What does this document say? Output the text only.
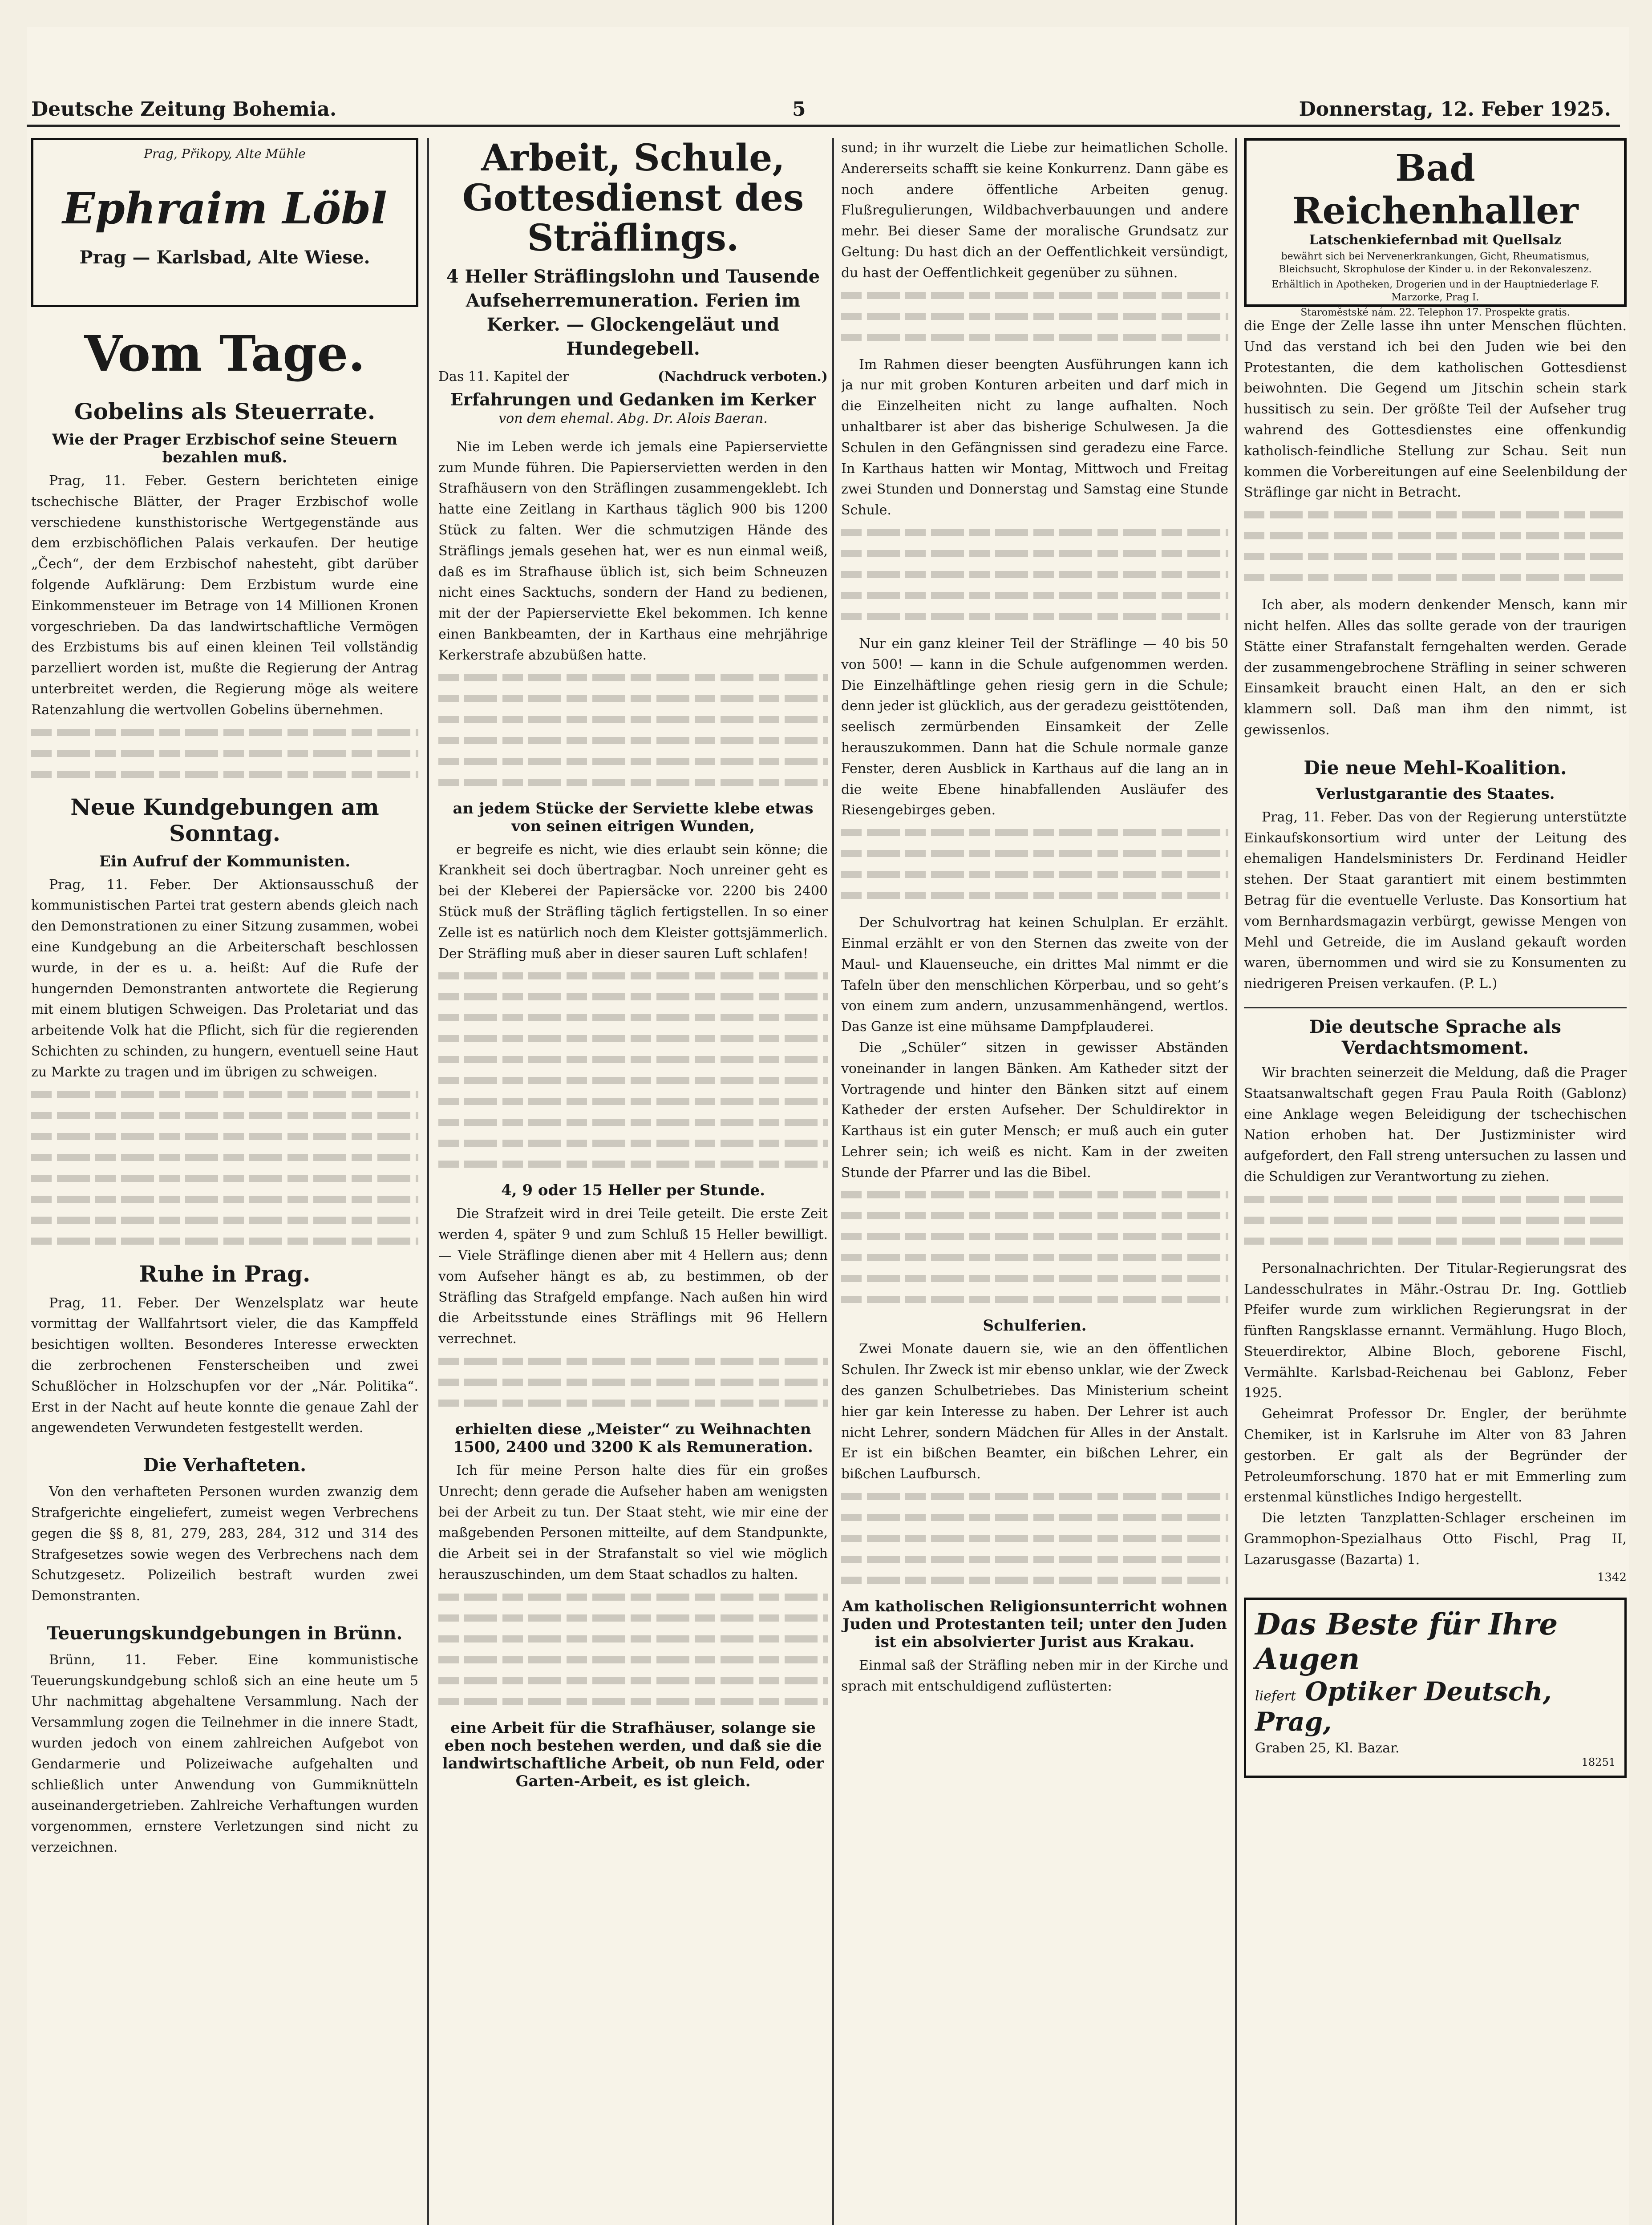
Deutsche Zeitung Bohemia.	5	Donnerstag, 12. Feber 1925.
Prag, Přikopy, Alte Mühle
Ephraim Löbl
Prag — Karlsbad, Alte Wiese.
Vom Tage.
Gobelins als Steuerrate.
Wie der Prager Erzbischof seine Steuern bezahlen muß.

Prag, 11. Feber. Gestern berichteten einige tschechische Blätter, der Prager Erzbischof wolle verschiedene kunsthistorische Wertgegenstände aus dem erzbischöflichen Palais verkaufen. Der heutige „Čech“, der dem Erzbischof nahesteht, gibt darüber folgende Aufklärung: Dem Erzbistum wurde eine Einkommensteuer im Betrage von 14 Millionen Kronen vorgeschrieben. Da das landwirtschaftliche Vermögen des Erzbistums bis auf einen kleinen Teil vollständig parzelliert worden ist, mußte die Regierung der Antrag unterbreitet werden, die Regierung möge als weitere Ratenzahlung die wertvollen Gobelins übernehmen.

Neue Kundgebungen am Sonntag.
Ein Aufruf der Kommunisten.

Prag, 11. Feber. Der Aktionsausschuß der kommunistischen Partei trat gestern abends gleich nach den Demonstrationen zu einer Sitzung zusammen, wobei eine Kundgebung an die Arbeiterschaft beschlossen wurde, in der es u. a. heißt: Auf die Rufe der hungernden Demonstranten antwortete die Regierung mit einem blutigen Schweigen. Das Proletariat und das arbeitende Volk hat die Pflicht, sich für die regierenden Schichten zu schinden, zu hungern, eventuell seine Haut zu Markte zu tragen und im übrigen zu schweigen.

Ruhe in Prag.

Prag, 11. Feber. Der Wenzelsplatz war heute vormittag der Wallfahrtsort vieler, die das Kampffeld besichtigen wollten. Besonderes Interesse erweckten die zerbrochenen Fensterscheiben und zwei Schußlöcher in Holzschupfen vor der „Nár. Politika“. Erst in der Nacht auf heute konnte die genaue Zahl der angewendeten Verwundeten festgestellt werden.

Die Verhafteten.

Von den verhafteten Personen wurden zwanzig dem Strafgerichte eingeliefert, zumeist wegen Verbrechens gegen die §§ 8, 81, 279, 283, 284, 312 und 314 des Strafgesetzes sowie wegen des Verbrechens nach dem Schutzgesetz. Polizeilich bestraft wurden zwei Demonstranten.

Teuerungskundgebungen in Brünn.

Brünn, 11. Feber. Eine kommunistische Teuerungskundgebung schloß sich an eine heute um 5 Uhr nachmittag abgehaltene Versammlung. Nach der Versammlung zogen die Teilnehmer in die innere Stadt, wurden jedoch von einem zahlreichen Aufgebot von Gendarmerie und Polizeiwache aufgehalten und schließlich unter Anwendung von Gummiknütteln auseinandergetrieben. Zahlreiche Verhaftungen wurden vorgenommen, ernstere Verletzungen sind nicht zu verzeichnen.

Arbeit, Schule, Gottesdienst des Sträflings.
4 Heller Sträflingslohn und Tausende Aufseherremuneration. Ferien im Kerker. — Glockengeläut und Hundegebell.
Das 11. Kapitel der	(Nachdruck verboten.)
Erfahrungen und Gedanken im Kerker
von dem ehemal. Abg. Dr. Alois Baeran.

Nie im Leben werde ich jemals eine Papierserviette zum Munde führen. Die Papierservietten werden in den Strafhäusern von den Sträflingen zusammengeklebt. Ich hatte eine Zeitlang in Karthaus täglich 900 bis 1200 Stück zu falten. Wer die schmutzigen Hände des Sträflings jemals gesehen hat, wer es nun einmal weiß, daß es im Strafhause üblich ist, sich beim Schneuzen nicht eines Sacktuchs, sondern der Hand zu bedienen, mit der der Papierserviette Ekel bekommen. Ich kenne einen Bankbeamten, der in Karthaus eine mehrjährige Kerkerstrafe abzubüßen hatte.

an jedem Stücke der Serviette klebe etwas von seinen eitrigen Wunden,

er begreife es nicht, wie dies erlaubt sein könne; die Krankheit sei doch übertragbar. Noch unreiner geht es bei der Kleberei der Papiersäcke vor. 2200 bis 2400 Stück muß der Sträfling täglich fertigstellen. In so einer Zelle ist es natürlich noch dem Kleister gottsjämmerlich. Der Sträfling muß aber in dieser sauren Luft schlafen!

4, 9 oder 15 Heller per Stunde.

Die Strafzeit wird in drei Teile geteilt. Die erste Zeit werden 4, später 9 und zum Schluß 15 Heller bewilligt. — Viele Sträflinge dienen aber mit 4 Hellern aus; denn vom Aufseher hängt es ab, zu bestimmen, ob der Sträfling das Strafgeld empfange. Nach außen hin wird die Arbeitsstunde eines Sträflings mit 96 Hellern verrechnet.

erhielten diese „Meister“ zu Weihnachten 1500, 2400 und 3200 K als Remuneration.

Ich für meine Person halte dies für ein großes Unrecht; denn gerade die Aufseher haben am wenigsten bei der Arbeit zu tun. Der Staat steht, wie mir eine der maßgebenden Personen mitteilte, auf dem Standpunkte, die Arbeit sei in der Strafanstalt so viel wie möglich herauszuschinden, um dem Staat schadlos zu halten.

eine Arbeit für die Strafhäuser, solange sie eben noch bestehen werden, und daß sie die landwirtschaftliche Arbeit, ob nun Feld, oder Garten-Arbeit, es ist gleich.

sund; in ihr wurzelt die Liebe zur heimatlichen Scholle. Andererseits schafft sie keine Konkurrenz. Dann gäbe es noch andere öffentliche Arbeiten genug. Flußregulierungen, Wildbachverbauungen und andere mehr. Bei dieser Same der moralische Grundsatz zur Geltung: Du hast dich an der Oeffentlichkeit versündigt, du hast der Oeffentlichkeit gegenüber zu sühnen.

Im Rahmen dieser beengten Ausführungen kann ich ja nur mit groben Konturen arbeiten und darf mich in die Einzelheiten nicht zu lange aufhalten. Noch unhaltbarer ist aber das bisherige Schulwesen. Ja die Schulen in den Gefängnissen sind geradezu eine Farce. In Karthaus hatten wir Montag, Mittwoch und Freitag zwei Stunden und Donnerstag und Samstag eine Stunde Schule.

Nur ein ganz kleiner Teil der Sträflinge — 40 bis 50 von 500! — kann in die Schule aufgenommen werden. Die Einzelhäftlinge gehen riesig gern in die Schule; denn jeder ist glücklich, aus der geradezu geisttötenden, seelisch zermürbenden Einsamkeit der Zelle herauszukommen. Dann hat die Schule normale ganze Fenster, deren Ausblick in Karthaus auf die lang an in die weite Ebene hinabfallenden Ausläufer des Riesengebirges geben.

Der Schulvortrag hat keinen Schulplan. Er erzählt. Einmal erzählt er von den Sternen das zweite von der Maul- und Klauenseuche, ein drittes Mal nimmt er die Tafeln über den menschlichen Körperbau, und so geht’s von einem zum andern, unzusammenhängend, wertlos. Das Ganze ist eine mühsame Dampfplauderei.

Die „Schüler“ sitzen in gewisser Abständen voneinander in langen Bänken. Am Katheder sitzt der Vortragende und hinter den Bänken sitzt auf einem Katheder der ersten Aufseher. Der Schuldirektor in Karthaus ist ein guter Mensch; er muß auch ein guter Lehrer sein; ich weiß es nicht. Kam in der zweiten Stunde der Pfarrer und las die Bibel.

Schulferien.

Zwei Monate dauern sie, wie an den öffentlichen Schulen. Ihr Zweck ist mir ebenso unklar, wie der Zweck des ganzen Schulbetriebes. Das Ministerium scheint hier gar kein Interesse zu haben. Der Lehrer ist auch nicht Lehrer, sondern Mädchen für Alles in der Anstalt. Er ist ein bißchen Beamter, ein bißchen Lehrer, ein bißchen Laufbursch.

Am katholischen Religionsunterricht wohnen Juden und Protestanten teil; unter den Juden ist ein absolvierter Jurist aus Krakau.

Einmal saß der Sträfling neben mir in der Kirche und sprach mit entschuldigend zuflüsterten:

Bad Reichenhaller
Latschenkiefernbad mit Quellsalz

bewährt sich bei Nervenerkrankungen, Gicht, Rheumatismus, Bleichsucht, Skrophulose der Kinder u. in der Rekonvaleszenz.

Erhältlich in Apotheken, Drogerien und in der Hauptniederlage F. Marzorke, Prag I.

Staroměstské nám. 22. Telephon 17. Prospekte gratis.

die Enge der Zelle lasse ihn unter Menschen flüchten. Und das verstand ich bei den Juden wie bei den Protestanten, die dem katholischen Gottesdienst beiwohnten. Die Gegend um Jitschin schein stark hussitisch zu sein. Der größte Teil der Aufseher trug wahrend des Gottesdienstes eine offenkundig katholisch-feindliche Stellung zur Schau. Seit nun kommen die Vorbereitungen auf eine Seelenbildung der Sträflinge gar nicht in Betracht.

Ich aber, als modern denkender Mensch, kann mir nicht helfen. Alles das sollte gerade von der traurigen Stätte einer Strafanstalt ferngehalten werden. Gerade der zusammengebrochene Sträfling in seiner schweren Einsamkeit braucht einen Halt, an den er sich klammern soll. Daß man ihm den nimmt, ist gewissenlos.

Die neue Mehl-Koalition.
Verlustgarantie des Staates.

Prag, 11. Feber. Das von der Regierung unterstützte Einkaufskonsortium wird unter der Leitung des ehemaligen Handelsministers Dr. Ferdinand Heidler stehen. Der Staat garantiert mit einem bestimmten Betrag für die eventuelle Verluste. Das Konsortium hat vom Bernhardsmagazin verbürgt, gewisse Mengen von Mehl und Getreide, die im Ausland gekauft worden waren, übernommen und wird sie zu Konsumenten zu niedrigeren Preisen verkaufen. (P. L.)

Die deutsche Sprache als Verdachtsmoment.

Wir brachten seinerzeit die Meldung, daß die Prager Staatsanwaltschaft gegen Frau Paula Roith (Gablonz) eine Anklage wegen Beleidigung der tschechischen Nation erhoben hat. Der Justizminister wird aufgefordert, den Fall streng untersuchen zu lassen und die Schuldigen zur Verantwortung zu ziehen.

Personalnachrichten. Der Titular-Regierungsrat des Landesschulrates in Mähr.-Ostrau Dr. Ing. Gottlieb Pfeifer wurde zum wirklichen Regierungsrat in der fünften Rangsklasse ernannt. Vermählung. Hugo Bloch, Steuerdirektor, Albine Bloch, geborene Fischl, Vermählte. Karlsbad-Reichenau bei Gablonz, Feber 1925.

Geheimrat Professor Dr. Engler, der berühmte Chemiker, ist in Karlsruhe im Alter von 83 Jahren gestorben. Er galt als der Begründer der Petroleumforschung. 1870 hat er mit Emmerling zum erstenmal künstliches Indigo hergestellt.

Die letzten Tanzplatten-Schlager erscheinen im Grammophon-Spezialhaus Otto Fischl, Prag II, Lazarusgasse (Bazarta) 1.

1342
Das Beste für Ihre Augen
liefert Optiker Deutsch, Prag,
Graben 25, Kl. Bazar.
18251
